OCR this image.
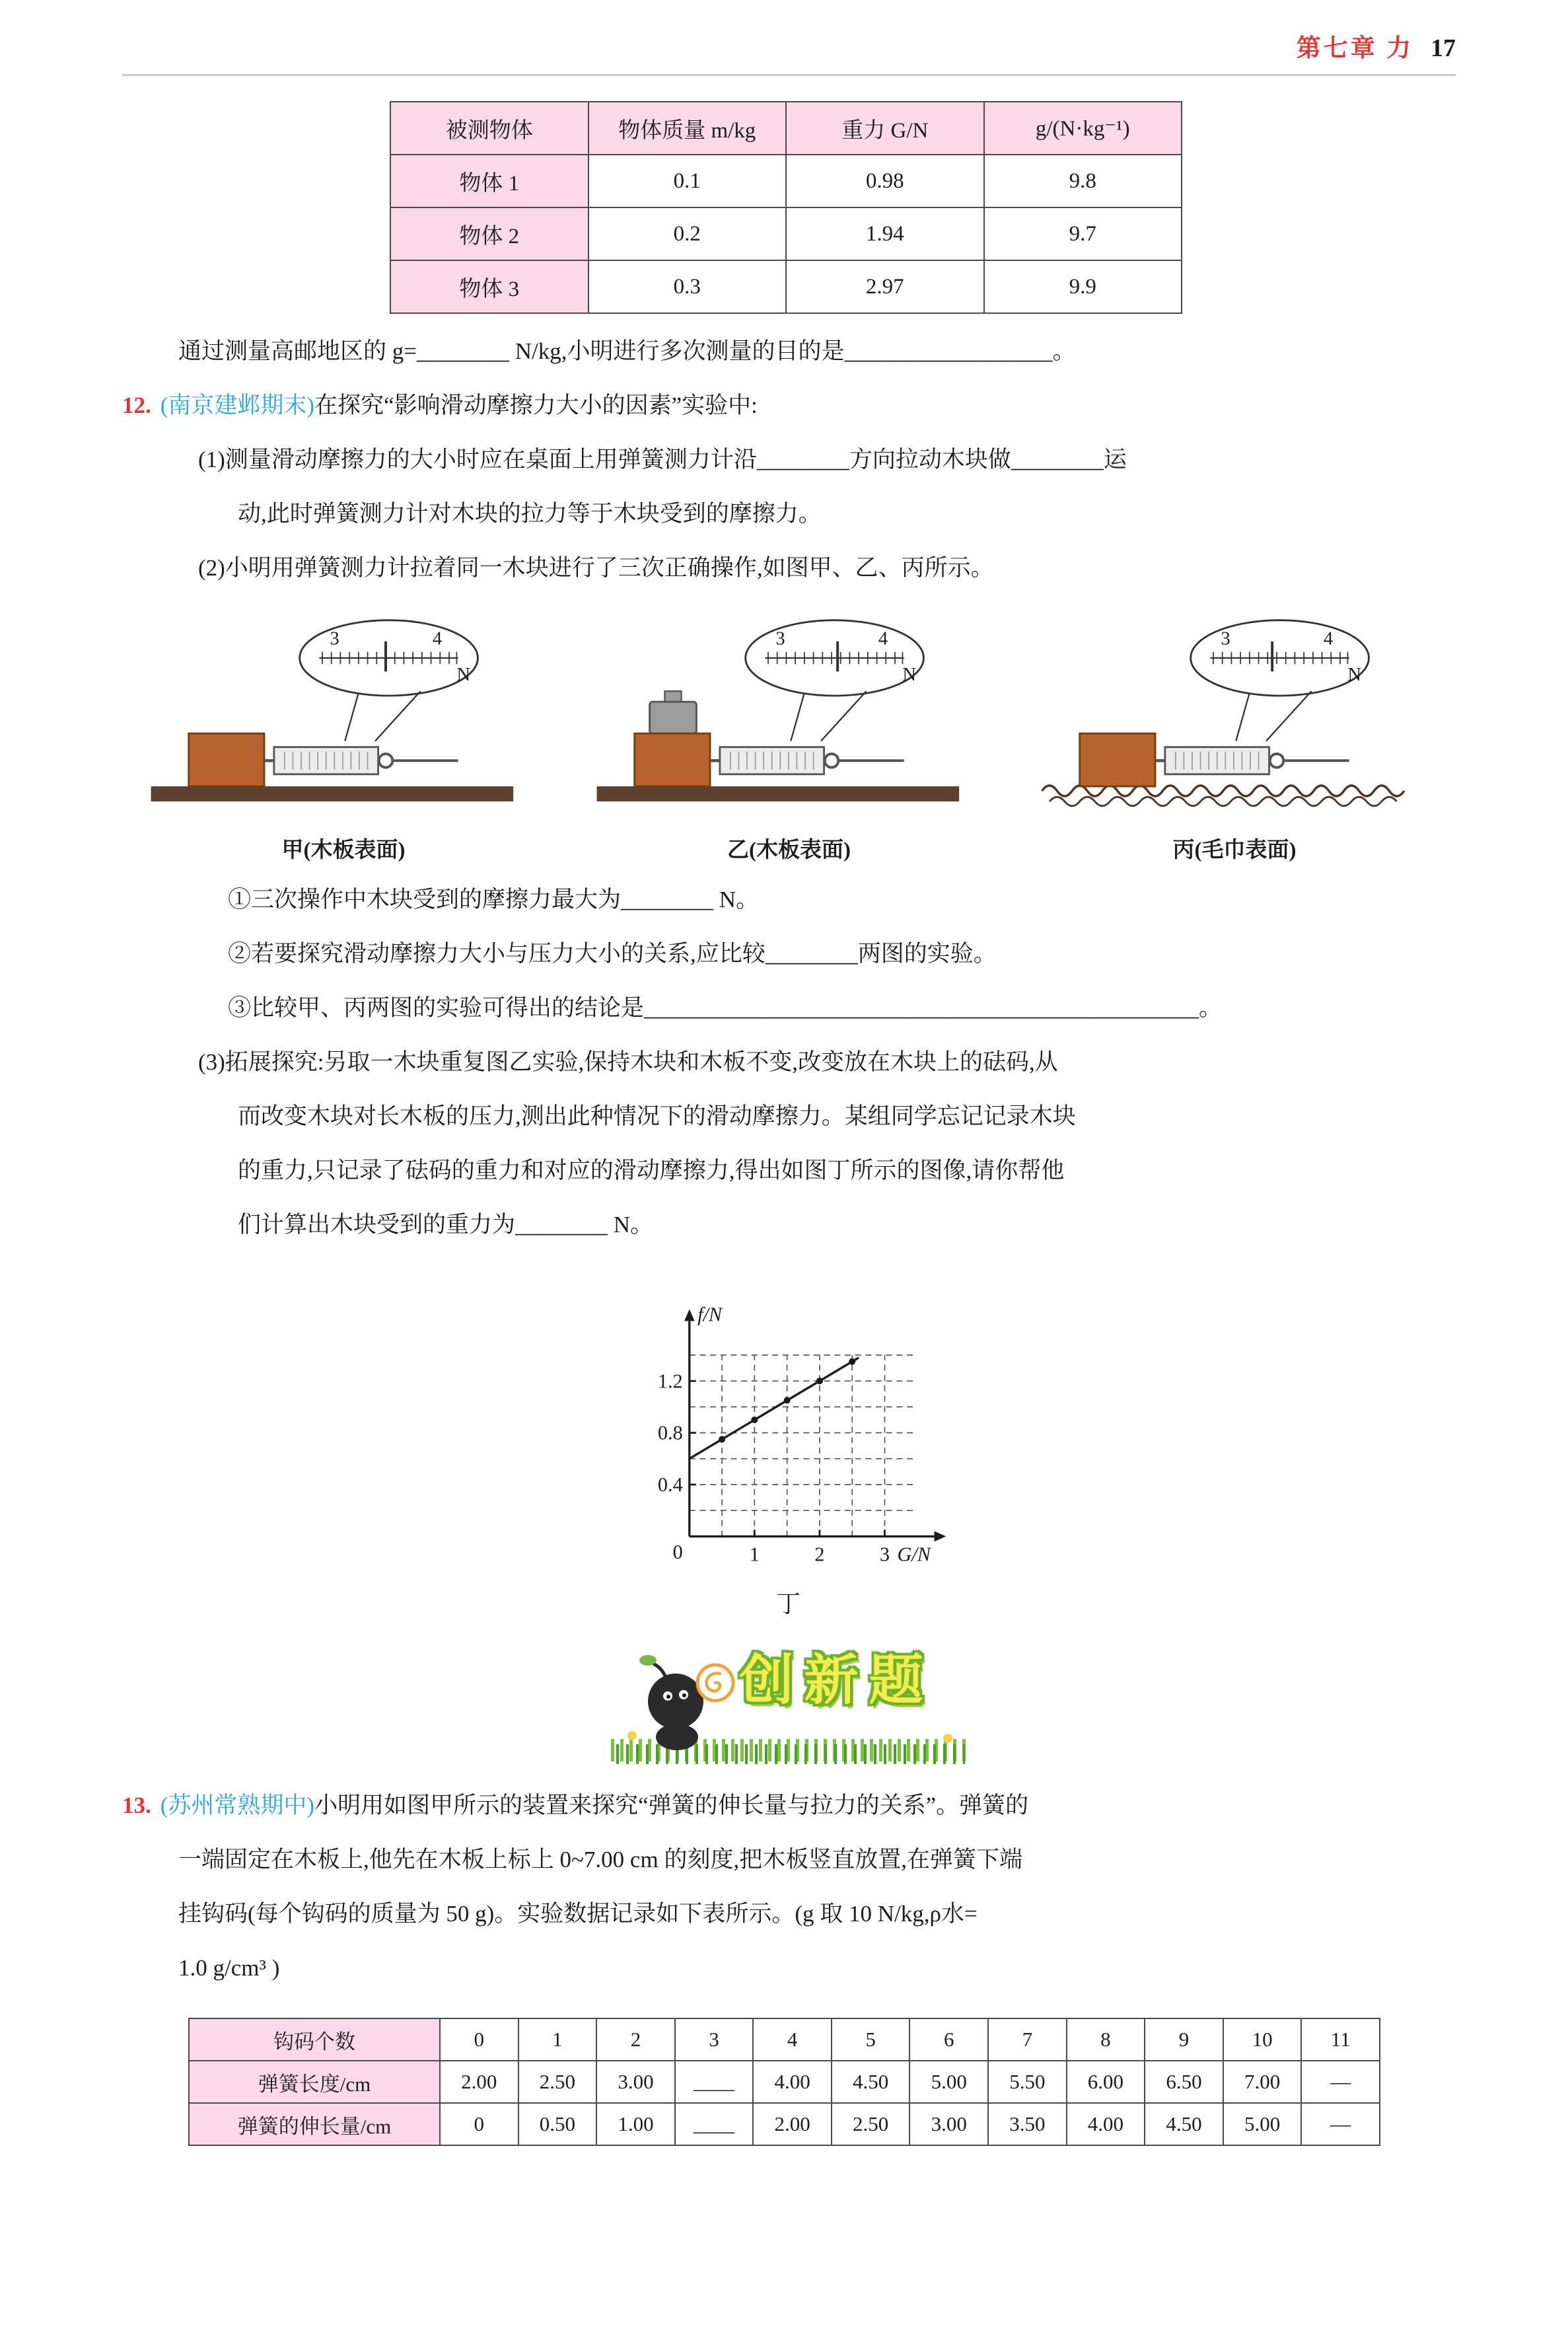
第七章 力 17
被测物体	物体质量 m/kg	重力 G/N	g/(N·kg⁻¹)
物体 1	0.1	0.98	9.8
物体 2	0.2	1.94	9.7
物体 3	0.3	2.97	9.9
通过测量高邮地区的 g=________ N/kg,小明进行多次测量的目的是__________________。
12. (南京建邺期末)在探究“影响滑动摩擦力大小的因素”实验中:
(1)测量滑动摩擦力的大小时应在桌面上用弹簧测力计沿________方向拉动木块做________运
动,此时弹簧测力计对木块的拉力等于木块受到的摩擦力。
(2)小明用弹簧测力计拉着同一木块进行了三次正确操作,如图甲、乙、丙所示。
3	4
N
甲(木板表面)
3	4
N
乙(木板表面)
3	4
N
丙(毛巾表面)
①三次操作中木块受到的摩擦力最大为________ N。
②若要探究滑动摩擦力大小与压力大小的关系,应比较________两图的实验。
③比较甲、丙两图的实验可得出的结论是________________________________________________。
(3)拓展探究:另取一木块重复图乙实验,保持木块和木板不变,改变放在木块上的砝码,从
而改变木块对长木板的压力,测出此种情况下的滑动摩擦力。某组同学忘记记录木块
的重力,只记录了砝码的重力和对应的滑动摩擦力,得出如图丁所示的图像,请你帮他
们计算出木块受到的重力为________ N。
0.4
0.8
1.2
1	2	3
0
f/N
G/N
丁
创新题
13. (苏州常熟期中)小明用如图甲所示的装置来探究“弹簧的伸长量与拉力的关系”。弹簧的
一端固定在木板上,他先在木板上标上 0~7.00 cm 的刻度,把木板竖直放置,在弹簧下端
挂钩码(每个钩码的质量为 50 g)。实验数据记录如下表所示。(g 取 10 N/kg,ρ水=
1.0 g/cm³ )
钩码个数	0	1	2	3	4	5	6	7	8	9	10	11
弹簧长度/cm	2.00	2.50	3.00	____	4.00	4.50	5.00	5.50	6.00	6.50	7.00	—
弹簧的伸长量/cm	0	0.50	1.00	____	2.00	2.50	3.00	3.50	4.00	4.50	5.00	—
